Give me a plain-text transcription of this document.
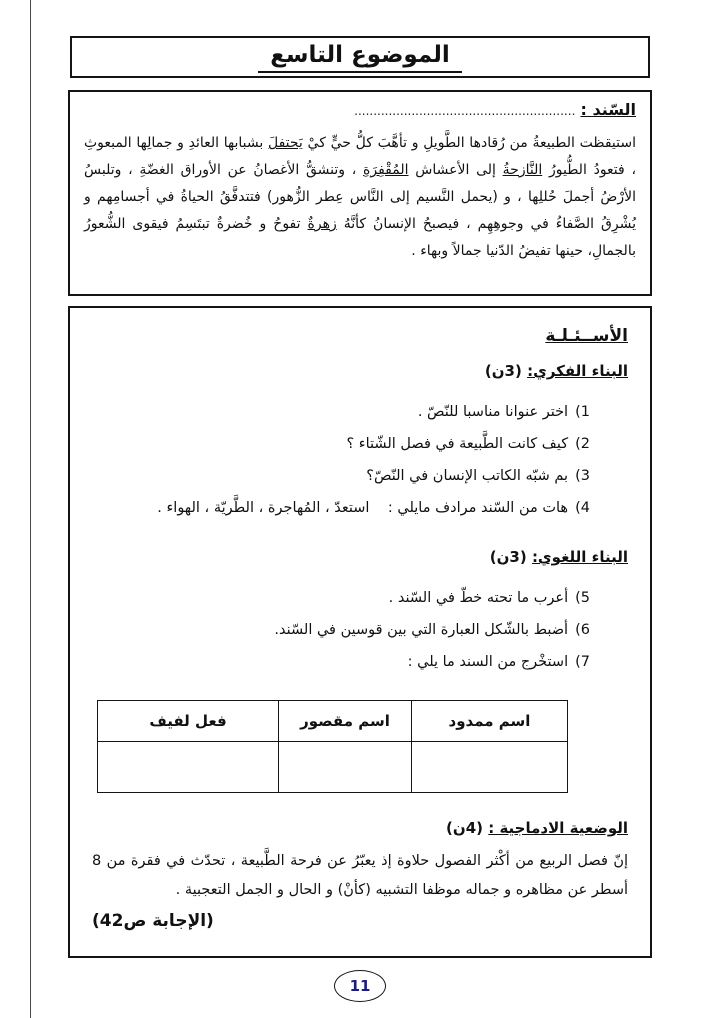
الموضوع التاسع
السّند : ..........................................................

استيقظت الطبيعةُ من رُقادها الطَّويلِ و تأهَّبَ كلُّ حيٍّ كيْ يَحتفلَ بشبابها العائدِ و جمالِها المبعوثِ ، فتعودُ الطُّيورُ النَّازحةُ إلى الأعشاش المُقْفِرَةِ ، وتنشقُّ الأغصانُ عن الأوراق الغضّةِ ، وتلبسُ الأرْضُ أجملَ حُللِها ، و (يحمل النَّسيم إلى النَّاس عِطر الزُّهور) فتتدفَّقُ الحياةُ في أجسامِهم و يُشْرِقُ الصَّفاءُ في وجوهِهِم ، فيصبحُ الإنسانُ كأنَّهُ زهرةٌ تفوحُ و خُضرةٌ تبتَسِمُ فيقوى الشُّعورُ بالجمالِ، حينها تفيضُ الدّنيا جمالاً وبهاء .

الأســئـلـة
البناء الفكري: (3ن)
1)اختر عنوانا مناسبا للنّصّ .
2)كيف كانت الطَّبيعة في فصل الشّتاء ؟
3)بم شبّه الكاتب الإنسان في النّصّ؟
4)هات من السّند مرادف مايلي :    استعدّ ، المُهاجرة ، الطَّريّة ، الهواء .
البناء اللغوي: (3ن)
5)أعرب ما تحته خطّ في السّند .
6)أضبط بالشّكل العبارة التي بين قوسين في السّند.
7)استخْرج من السند ما يلي :
اسم ممدود	اسم مقصور	فعل لفيف

الوضعية الادماجية : (4ن)

إنّ فصل الربيع من أكْثر الفصول حلاوة إذ يعبّرُ عن فرحة الطَّبيعة ، تحدّث في فقرة من 8 أسطر عن مظاهره و جماله موظفا التشبيه (كأنْ) و الحال و الجمل التعجبية .

(الإجابة ص42)
11
